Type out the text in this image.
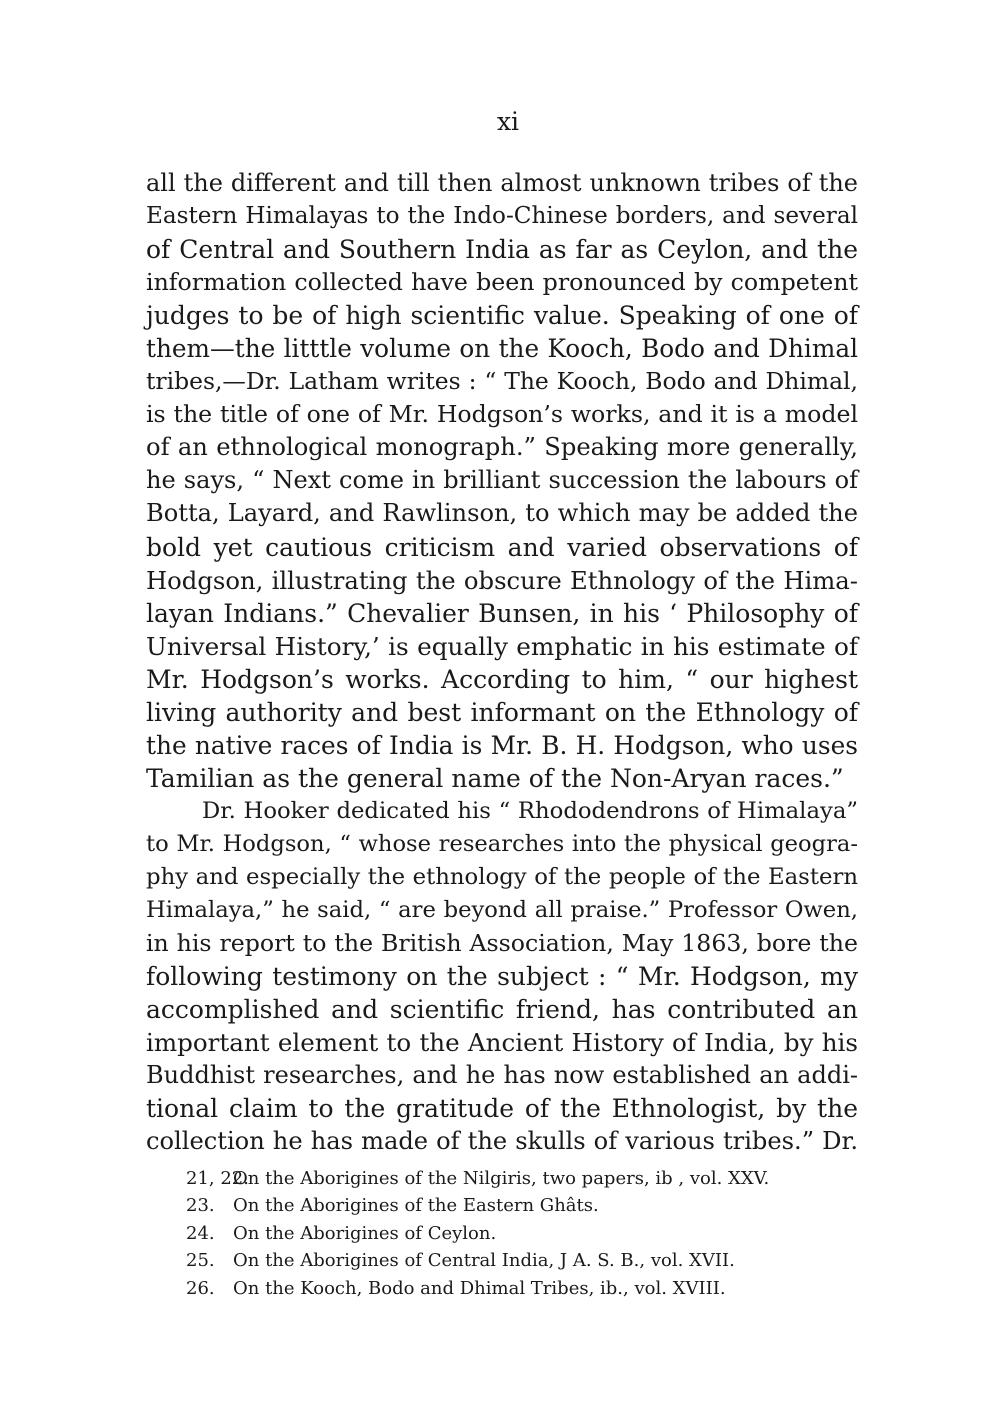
xi
all the different and till then almost unknown tribes of the
Eastern Himalayas to the Indo-Chinese borders, and several
of Central and Southern India as far as Ceylon, and the
information collected have been pronounced by competent
judges to be of high scientific value. Speaking of one of
them—the litttle volume on the Kooch, Bodo and Dhimal
tribes,—Dr. Latham writes : “ The Kooch, Bodo and Dhimal,
is the title of one of Mr. Hodgson’s works, and it is a model
of an ethnological monograph.” Speaking more generally,
he says, “ Next come in brilliant succession the labours of
Botta, Layard, and Rawlinson, to which may be added the
bold yet cautious criticism and varied observations of
Hodgson, illustrating the obscure Ethnology of the Hima-
layan Indians.” Chevalier Bunsen, in his ‘ Philosophy of
Universal History,’ is equally emphatic in his estimate of
Mr. Hodgson’s works. According to him, “ our highest
living authority and best informant on the Ethnology of
the native races of India is Mr. B. H. Hodgson, who uses
Tamilian as the general name of the Non-Aryan races.”
Dr. Hooker dedicated his “ Rhododendrons of Himalaya”
to Mr. Hodgson, “ whose researches into the physical geogra-
phy and especially the ethnology of the people of the Eastern
Himalaya,” he said, “ are beyond all praise.” Professor Owen,
in his report to the British Association, May 1863, bore the
following testimony on the subject : “ Mr. Hodgson, my
accomplished and scientific friend, has contributed an
important element to the Ancient History of India, by his
Buddhist researches, and he has now established an addi-
tional claim to the gratitude of the Ethnologist, by the
collection he has made of the skulls of various tribes.” Dr.
21, 22.On the Aborigines of the Nilgiris, two papers, ib , vol. XXV.
23. On the Aborigines of the Eastern Ghâts.
24. On the Aborigines of Ceylon.
25. On the Aborigines of Central India, J A. S. B., vol. XVII.
26. On the Kooch, Bodo and Dhimal Tribes, ib., vol. XVIII.
